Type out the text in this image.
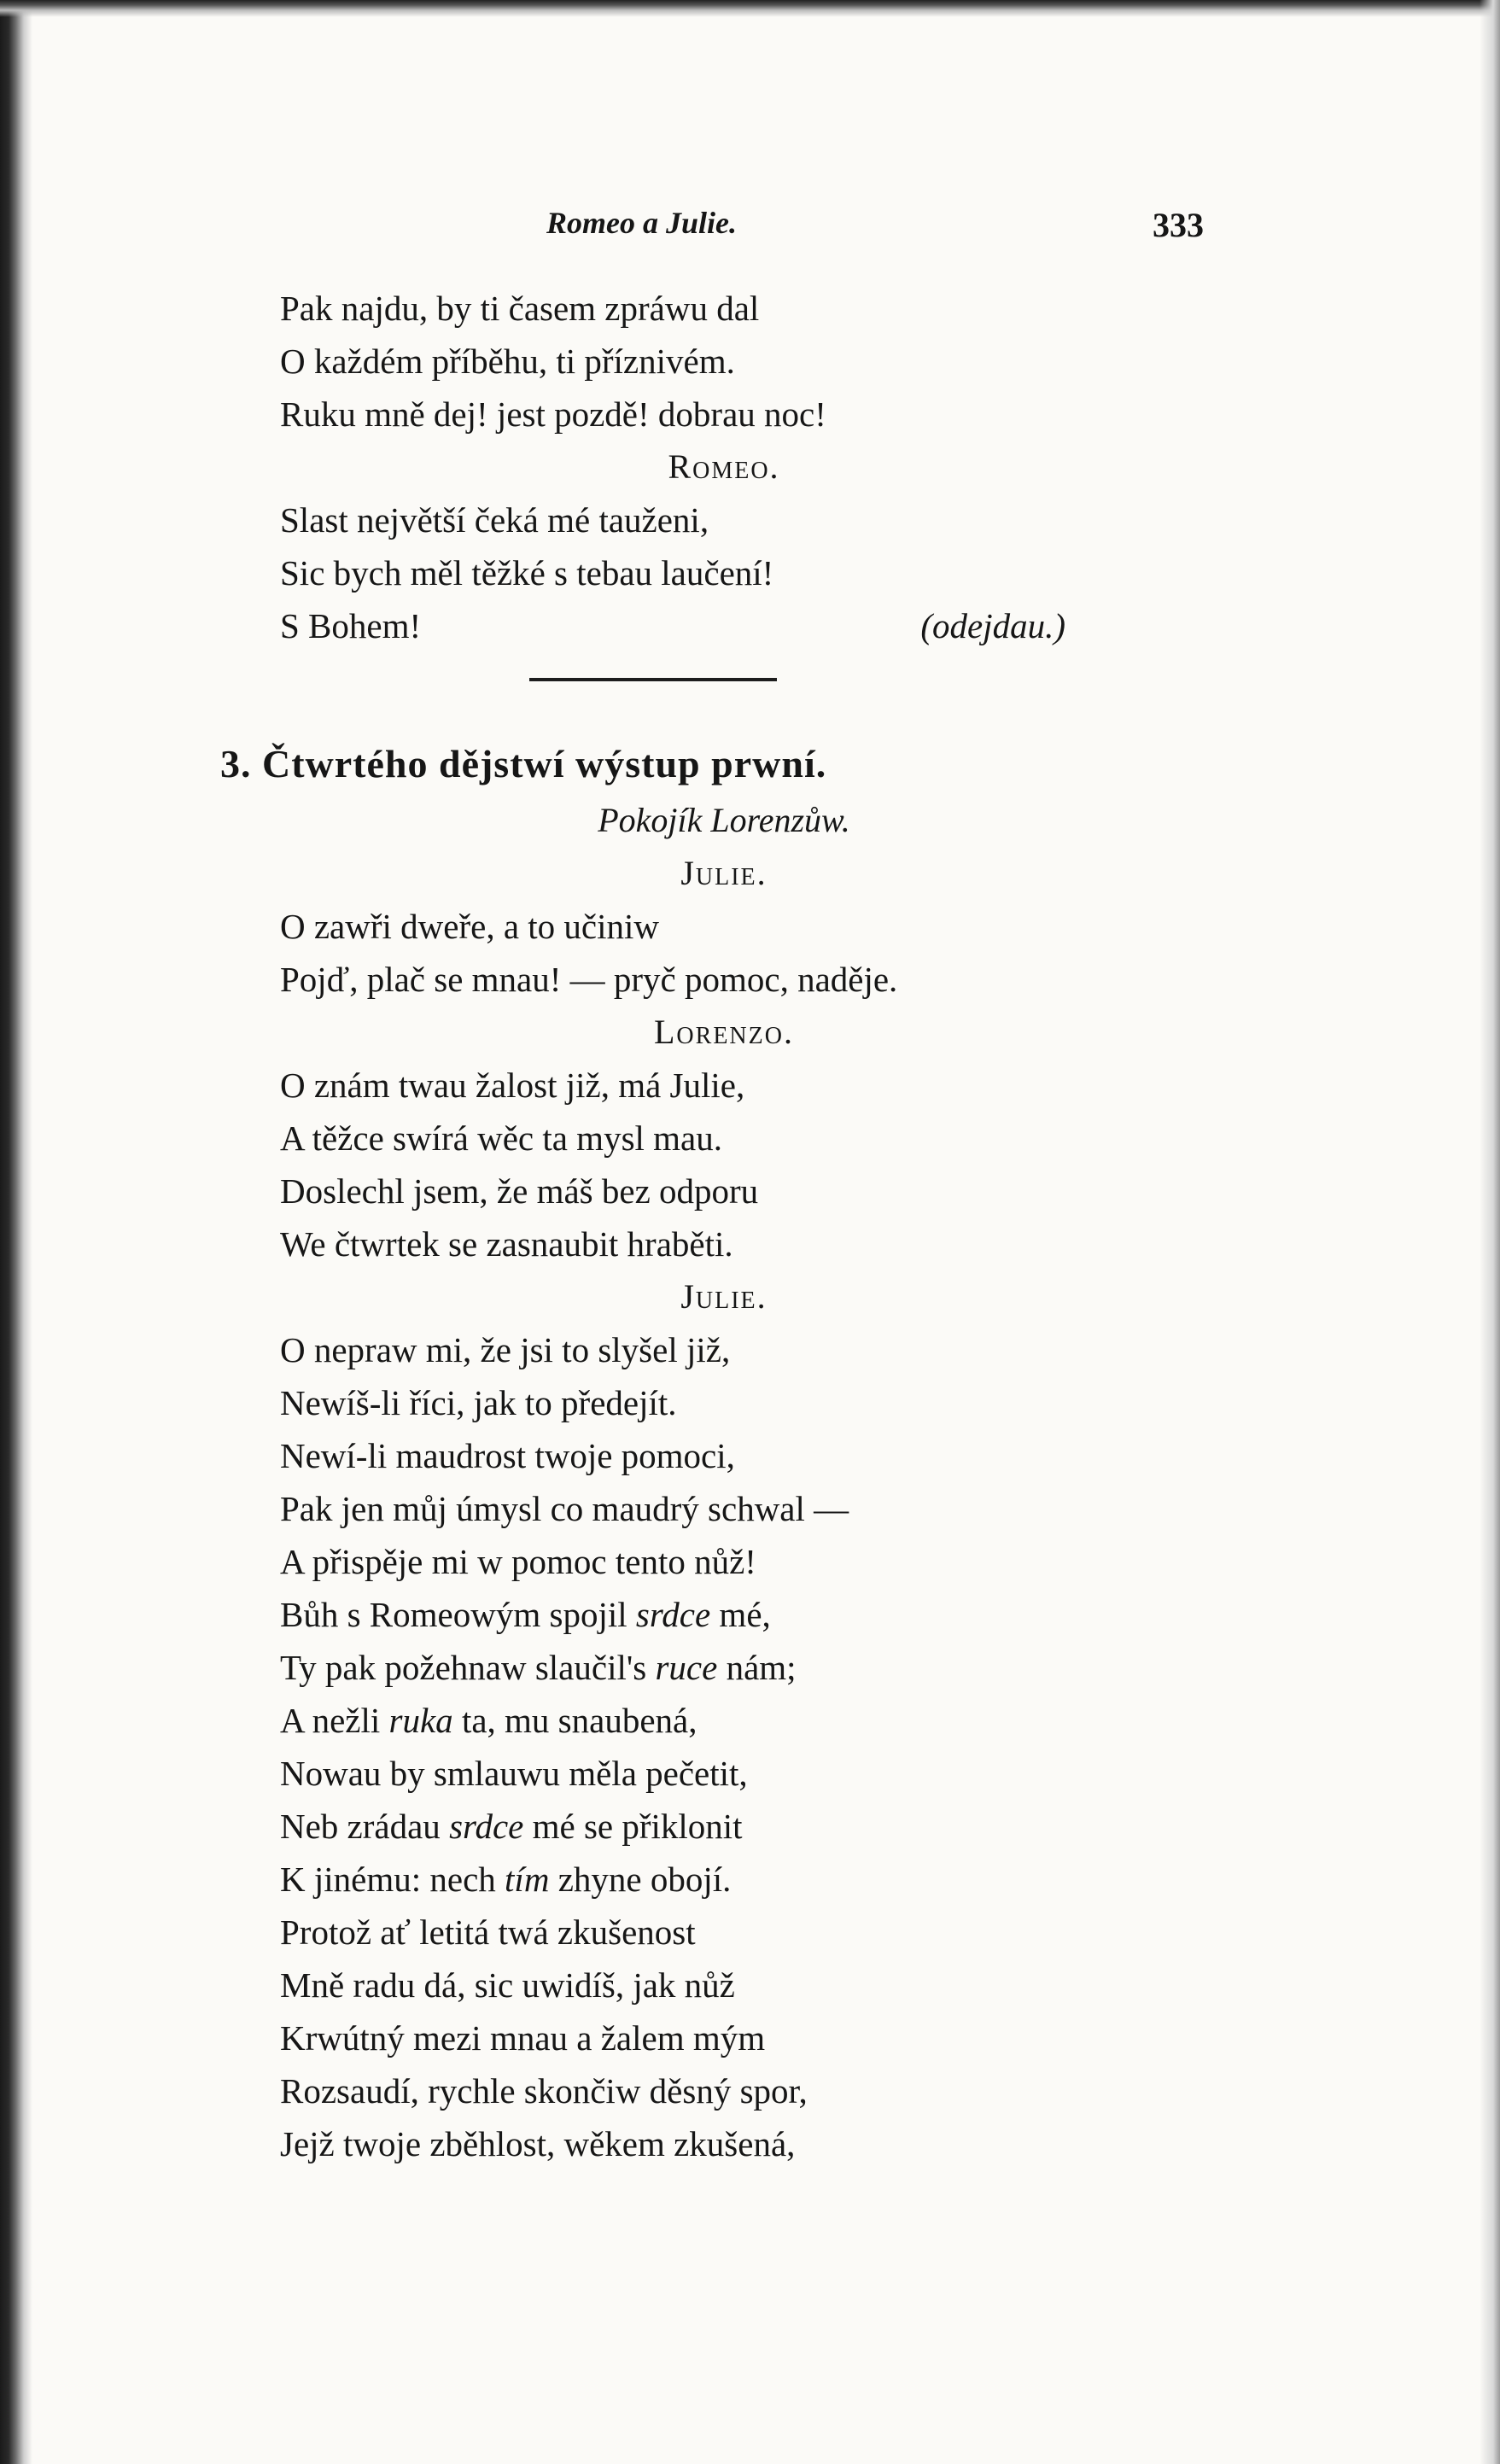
Romeo a Julie.	333
Pak najdu, by ti časem zpráwu dal
O každém příběhu, ti příznivém.
Ruku mně dej! jest pozdě! dobrau noc!
Romeo.
Slast největší čeká mé tauženi,
Sic bych měl těžké s tebau laučení!
S Bohem!	(odejdau.)
3. Čtwrtého dějstwí wýstup prwní.
Pokojík Lorenzůw.
Julie.
O zawři dweře, a to učiniw
Pojď, plač se mnau! — pryč pomoc, naděje.
Lorenzo.
O znám twau žalost již, má Julie,
A těžce swírá wěc ta mysl mau.
Doslechl jsem, že máš bez odporu
We čtwrtek se zasnaubit hraběti.
Julie.
O nepraw mi, že jsi to slyšel již,
Newíš-li říci, jak to předejít.
Newí-li maudrost twoje pomoci,
Pak jen můj úmysl co maudrý schwal —
A přispěje mi w pomoc tento nůž!
Bůh s Romeowým spojil srdce mé,
Ty pak požehnaw slaučil's ruce nám;
A nežli ruka ta, mu snaubená,
Nowau by smlauwu měla pečetit,
Neb zrádau srdce mé se přiklonit
K jinému: nech tím zhyne obojí.
Protož ať letitá twá zkušenost
Mně radu dá, sic uwidíš, jak nůž
Krwútný mezi mnau a žalem mým
Rozsaudí, rychle skončiw děsný spor,
Jejž twoje zběhlost, wěkem zkušená,
